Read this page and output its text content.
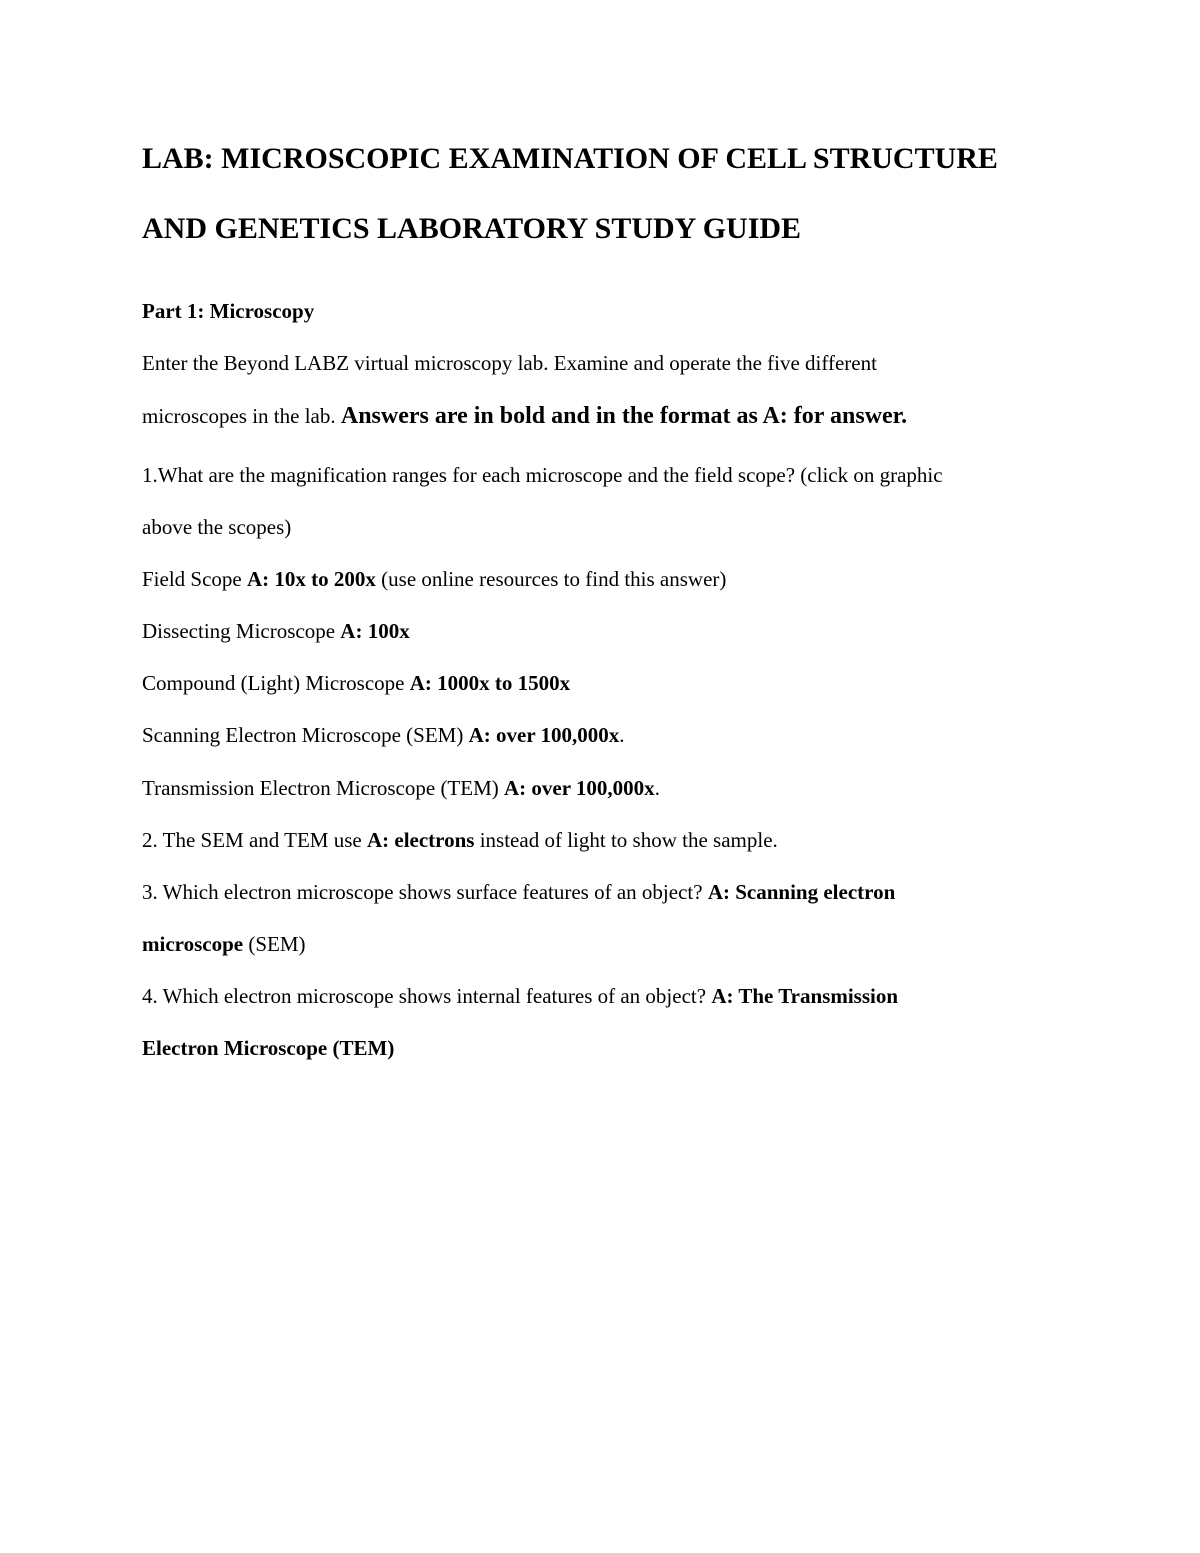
LAB: MICROSCOPIC EXAMINATION OF CELL STRUCTURE
AND GENETICS LABORATORY STUDY GUIDE
Part 1: Microscopy
Enter the Beyond LABZ virtual microscopy lab. Examine and operate the five different
microscopes in the lab. Answers are in bold and in the format as A: for answer.
1.What are the magnification ranges for each microscope and the field scope? (click on graphic
above the scopes)
Field Scope A: 10x to 200x (use online resources to find this answer)
Dissecting Microscope A: 100x
Compound (Light) Microscope A: 1000x to 1500x
Scanning Electron Microscope (SEM) A: over 100,000x.
Transmission Electron Microscope (TEM) A: over 100,000x.
2. The SEM and TEM use A: electrons instead of light to show the sample.
3. Which electron microscope shows surface features of an object? A: Scanning electron
microscope (SEM)
4. Which electron microscope shows internal features of an object? A: The Transmission
Electron Microscope (TEM)
